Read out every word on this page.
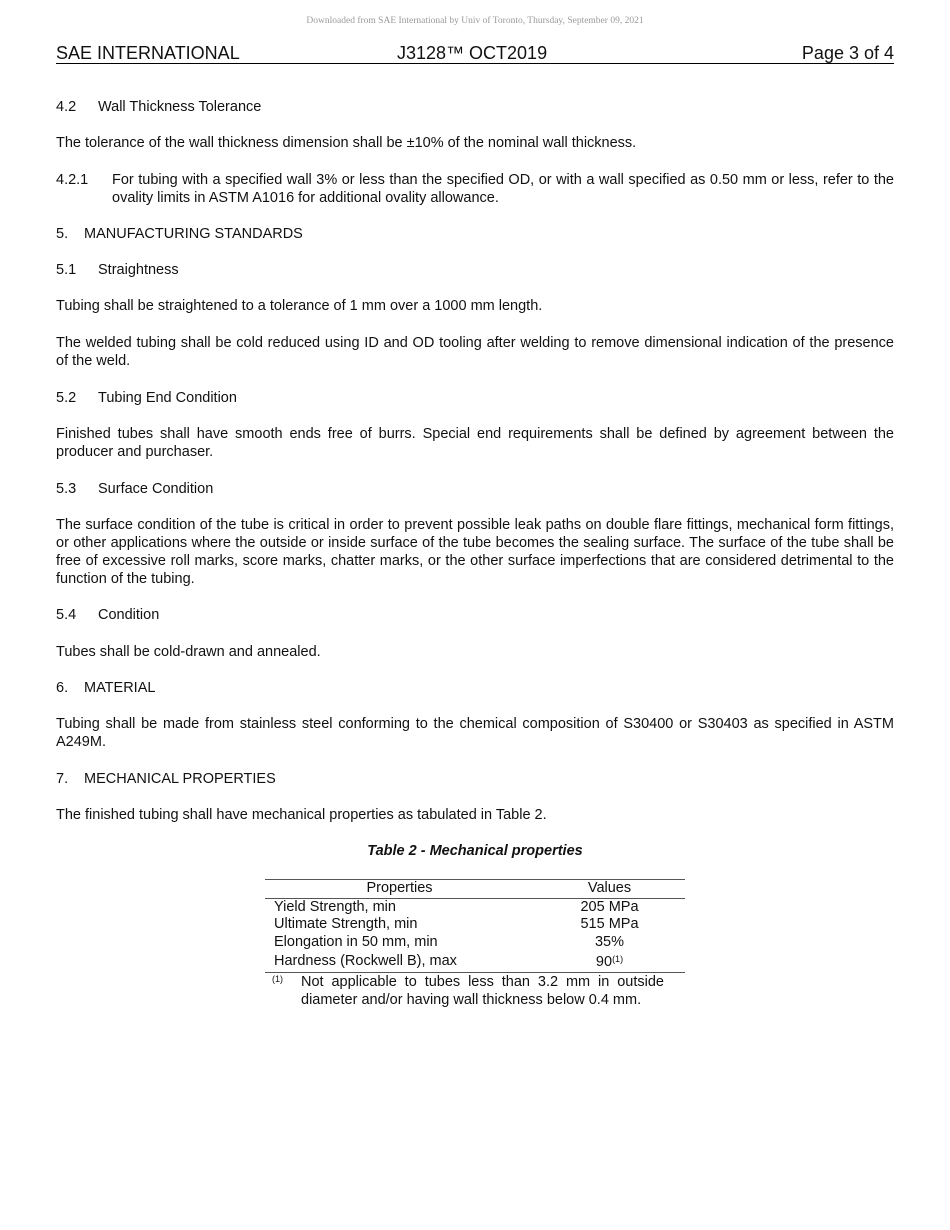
Downloaded from SAE International by Univ of Toronto, Thursday, September 09, 2021
SAE INTERNATIONAL	J3128™ OCT2019	Page 3 of 4
4.2 Wall Thickness Tolerance
The tolerance of the wall thickness dimension shall be ±10% of the nominal wall thickness.
4.2.1 For tubing with a specified wall 3% or less than the specified OD, or with a wall specified as 0.50 mm or less, refer to the ovality limits in ASTM A1016 for additional ovality allowance.
5. MANUFACTURING STANDARDS
5.1 Straightness
Tubing shall be straightened to a tolerance of 1 mm over a 1000 mm length.
The welded tubing shall be cold reduced using ID and OD tooling after welding to remove dimensional indication of the presence of the weld.
5.2 Tubing End Condition
Finished tubes shall have smooth ends free of burrs. Special end requirements shall be defined by agreement between the producer and purchaser.
5.3 Surface Condition
The surface condition of the tube is critical in order to prevent possible leak paths on double flare fittings, mechanical form fittings, or other applications where the outside or inside surface of the tube becomes the sealing surface. The surface of the tube shall be free of excessive roll marks, score marks, chatter marks, or the other surface imperfections that are considered detrimental to the function of the tubing.
5.4 Condition
Tubes shall be cold-drawn and annealed.
6. MATERIAL
Tubing shall be made from stainless steel conforming to the chemical composition of S30400 or S30403 as specified in ASTM A249M.
7. MECHANICAL PROPERTIES
The finished tubing shall have mechanical properties as tabulated in Table 2.
Table 2 - Mechanical properties
Properties	Values
Yield Strength, min	205 MPa
Ultimate Strength, min	515 MPa
Elongation in 50 mm, min	35%
Hardness (Rockwell B), max	90$^{(1)}$
(1) Not applicable to tubes less than 3.2 mm in outside diameter and/or having wall thickness below 0.4 mm.
